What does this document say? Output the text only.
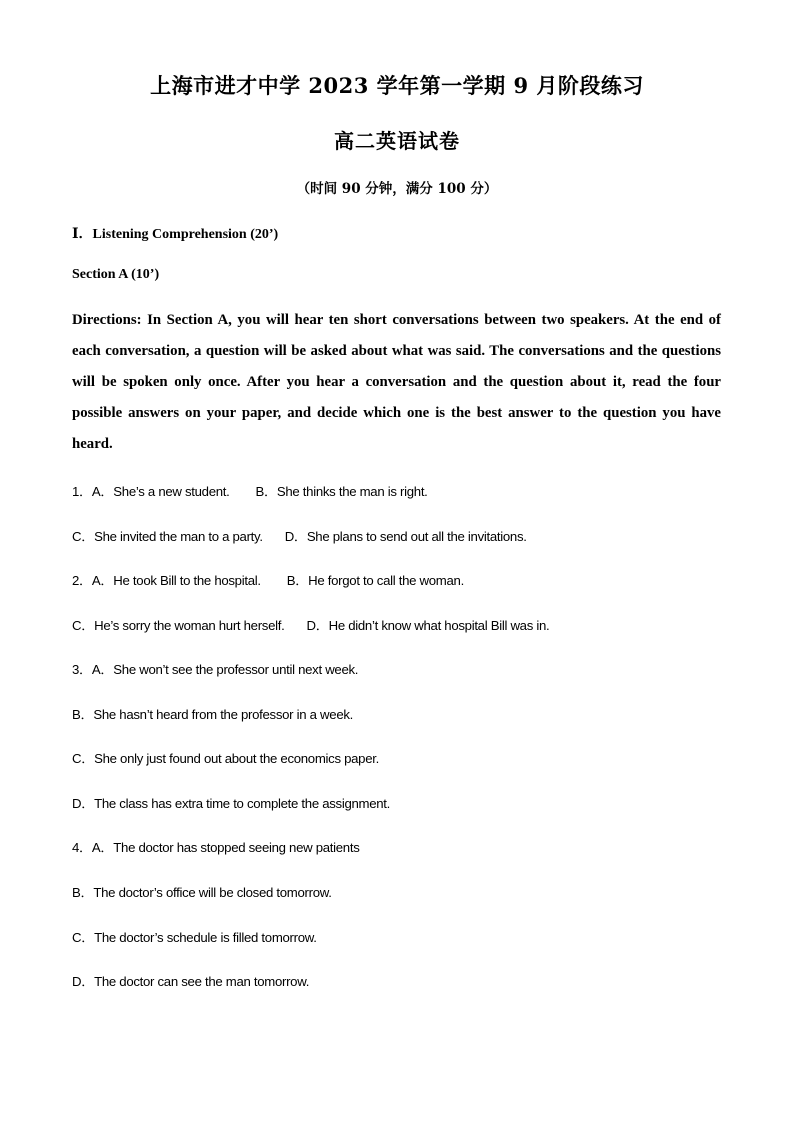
上海市进才中学 2023 学年第一学期 9 月阶段练习
高二英语试卷
（时间 90 分钟，满分 100 分）
Ⅰ．Listening Comprehension (20’)
Section A (10’)
Directions: In Section A, you will hear ten short conversations between two speakers. At the end of each conversation, a question will be asked about what was said. The conversations and the questions will be spoken only once. After you hear a conversation and the question about it, read the four possible answers on your paper, and decide which one is the best answer to the question you have heard.
1．A．She’s a new student. B．She thinks the man is right.
C．She invited the man to a party. D．She plans to send out all the invitations.
2．A．He took Bill to the hospital. B．He forgot to call the woman.
C．He’s sorry the woman hurt herself. D．He didn’t know what hospital Bill was in.
3．A．She won’t see the professor until next week.
B．She hasn’t heard from the professor in a week.
C．She only just found out about the economics paper.
D．The class has extra time to complete the assignment.
4．A．The doctor has stopped seeing new patients
B．The doctor’s office will be closed tomorrow.
C．The doctor’s schedule is filled tomorrow.
D．The doctor can see the man tomorrow.
